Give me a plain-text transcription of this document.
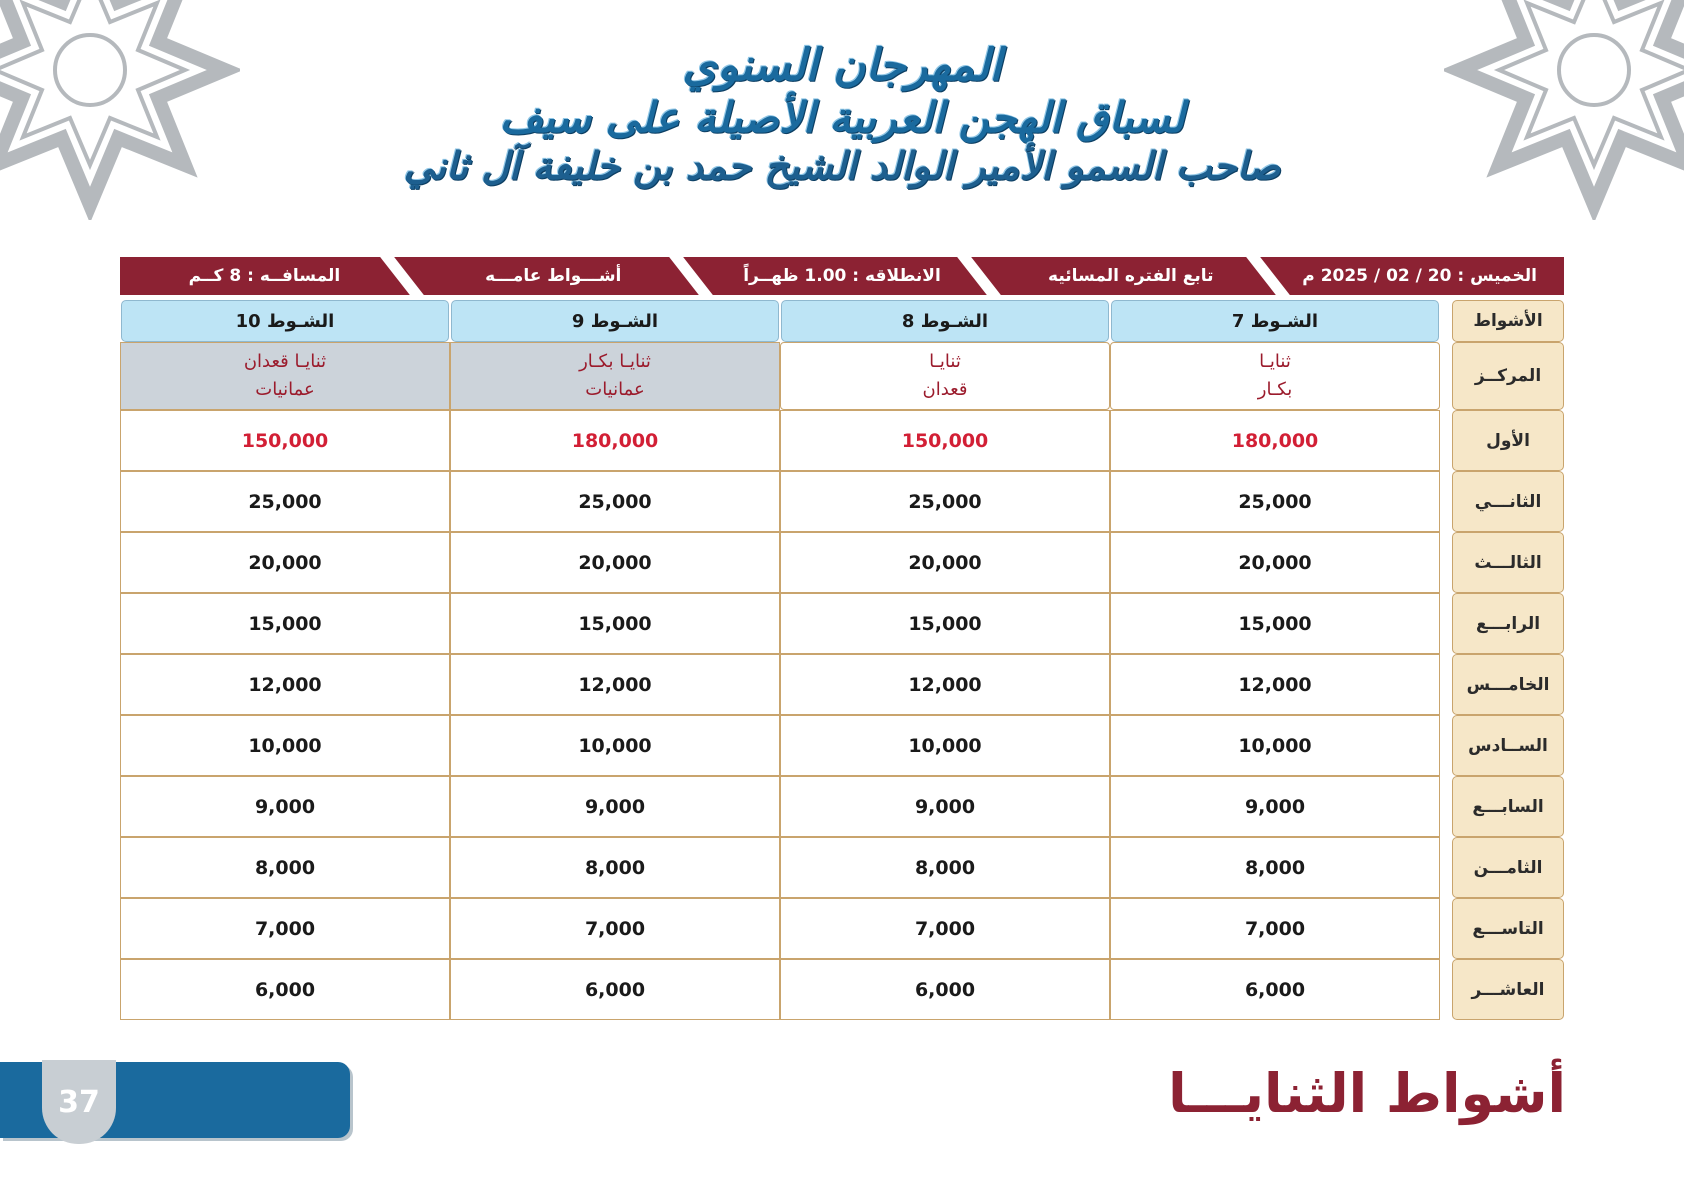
المهرجان السنوي
لسباق الهجن العربية الأصيلة على سيف
صاحب السمو الأمير الوالد الشيخ حمد بن خليفة آل ثاني
الخميس : 20 / 02 / 2025 م
تابع الفتره المسائيه
الانطلاقه : 1.00 ظهــراً
أشـــواط عامـــه
المسافــه : 8 كــم
الأشواط
الشـوط 7
الشـوط 8
الشـوط 9
الشـوط 10
المركــز
ثنايـا
بكـار
ثنايـا
قعدان
ثنايـا بكـار
عمانيات
ثنايـا قعدان
عمانيات
الأول
180,000
150,000
180,000
150,000
الثانـــي
25,000
25,000
25,000
25,000
الثالـــث
20,000
20,000
20,000
20,000
الرابـــع
15,000
15,000
15,000
15,000
الخامـــس
12,000
12,000
12,000
12,000
الســادس
10,000
10,000
10,000
10,000
السابـــع
9,000
9,000
9,000
9,000
الثامـــن
8,000
8,000
8,000
8,000
التاســـع
7,000
7,000
7,000
7,000
العاشـــر
6,000
6,000
6,000
6,000
37	أشواط الثنايـــا
